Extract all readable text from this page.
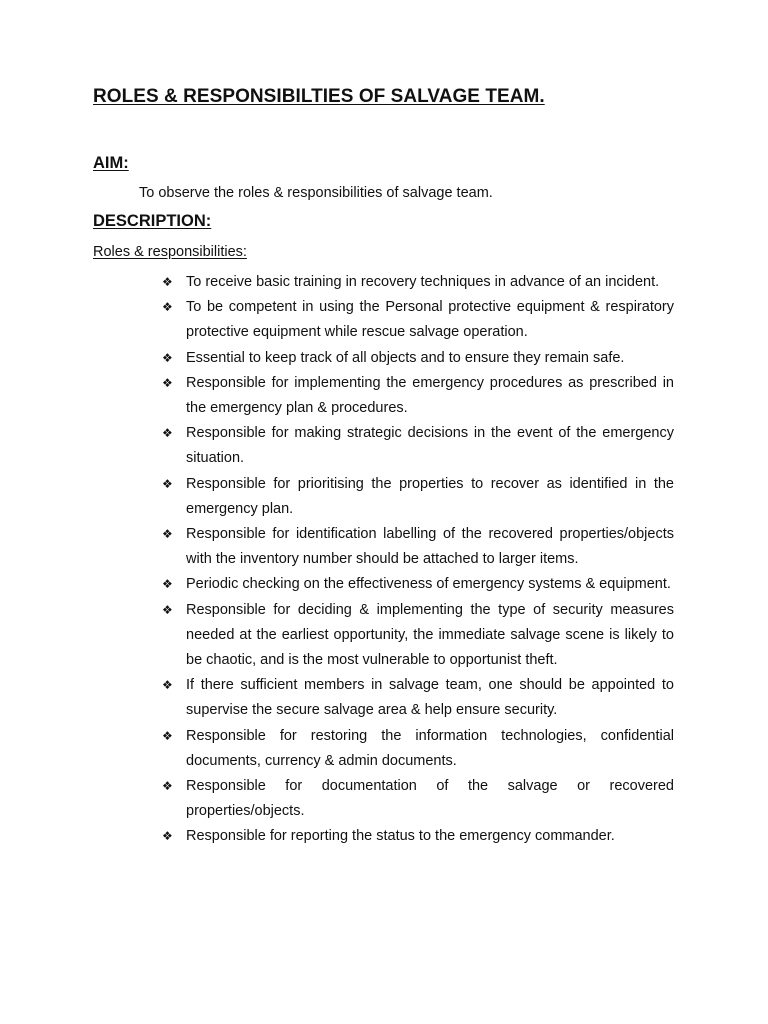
ROLES & RESPONSIBILTIES OF SALVAGE TEAM.
AIM:

To observe the roles & responsibilities of salvage team.

DESCRIPTION:

Roles & responsibilities:

❖ To receive basic training in recovery techniques in advance of an incident.
❖ To be competent in using the Personal protective equipment & respiratory protective equipment while rescue salvage operation.
❖ Essential to keep track of all objects and to ensure they remain safe.
❖ Responsible for implementing the emergency procedures as prescribed in the emergency plan & procedures.
❖ Responsible for making strategic decisions in the event of the emergency situation.
❖ Responsible for prioritising the properties to recover as identified in the emergency plan.
❖ Responsible for identification labelling of the recovered properties/objects with the inventory number should be attached to larger items.
❖ Periodic checking on the effectiveness of emergency systems & equipment.
❖ Responsible for deciding & implementing the type of security measures needed at the earliest opportunity, the immediate salvage scene is likely to be chaotic, and is the most vulnerable to opportunist theft.
❖ If there sufficient members in salvage team, one should be appointed to supervise the secure salvage area & help ensure security.
❖ Responsible for restoring the information technologies, confidential documents, currency & admin documents.
❖ Responsible for documentation of the salvage or recovered properties/objects.
❖ Responsible for reporting the status to the emergency commander.
